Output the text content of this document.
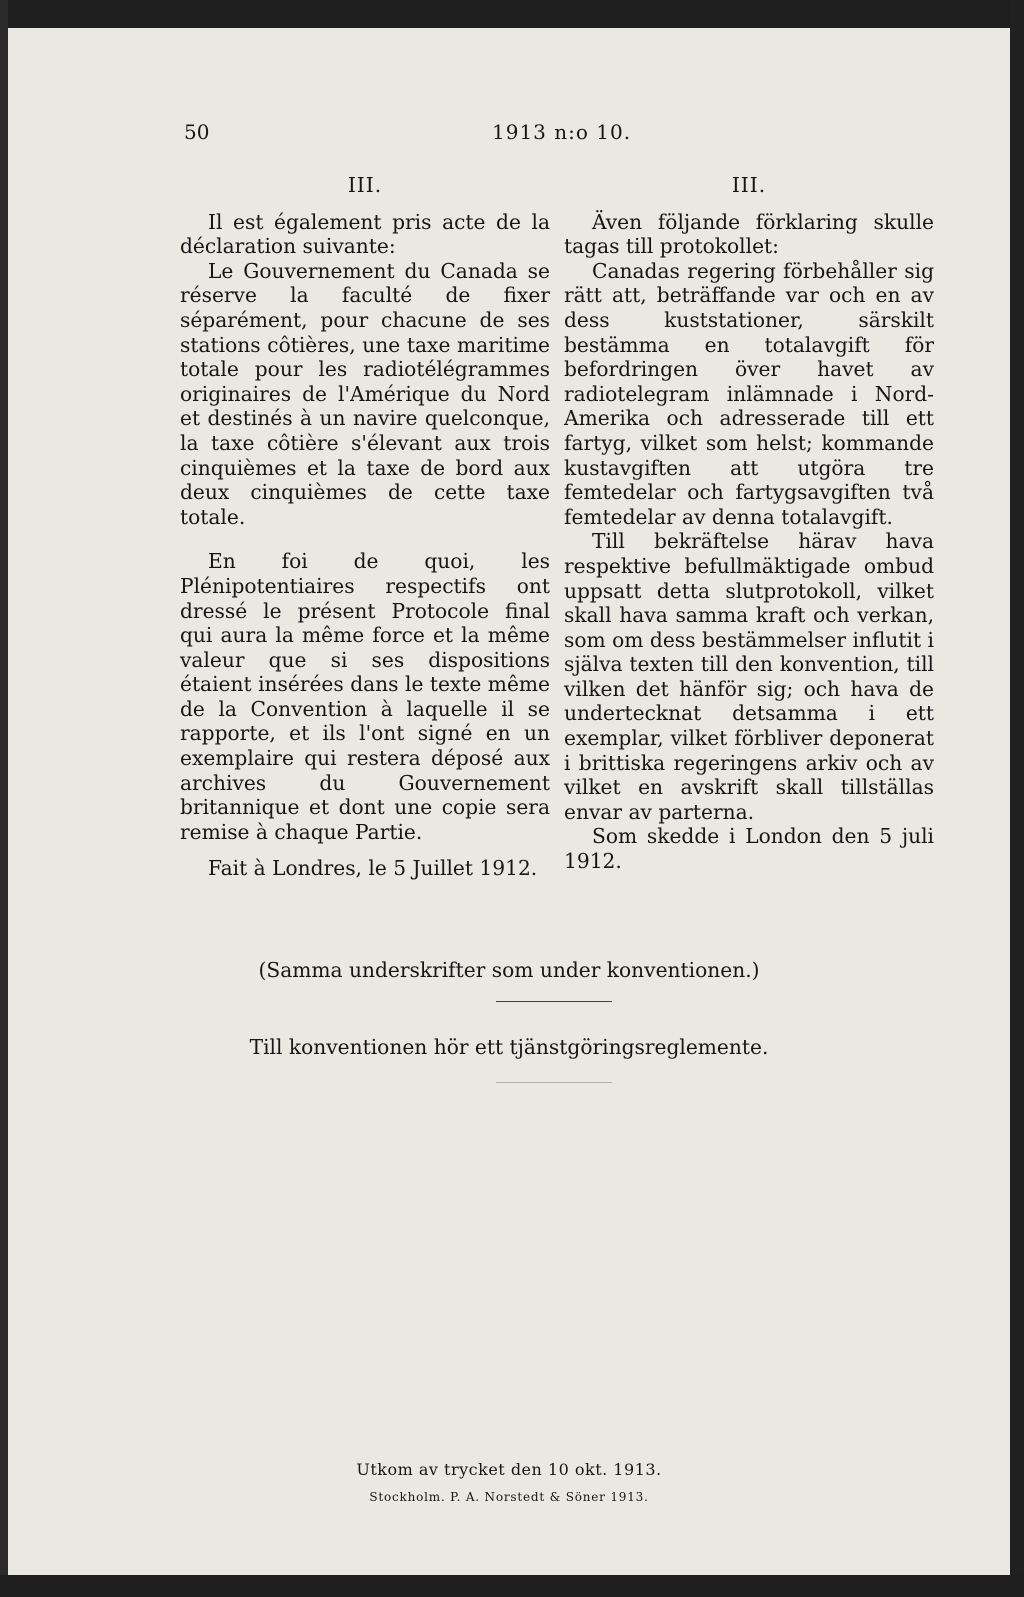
50	1913 n:o 10.
III.

Il est également pris acte de la déclaration suivante:

Le Gouvernement du Canada se réserve la faculté de fixer séparément, pour chacune de ses stations côtières, une taxe maritime totale pour les radiotélégrammes originaires de l'Amérique du Nord et destinés à un navire quelconque, la taxe côtière s'élevant aux trois cinquièmes et la taxe de bord aux deux cinquièmes de cette taxe totale.

En foi de quoi, les Plénipotentiaires respectifs ont dressé le présent Protocole final qui aura la même force et la même valeur que si ses dispositions étaient insérées dans le texte même de la Convention à laquelle il se rapporte, et ils l'ont signé en un exemplaire qui restera déposé aux archives du Gouvernement britannique et dont une copie sera remise à chaque Partie.

Fait à Londres, le 5 Juillet 1912.

III.

Även följande förklaring skulle tagas till protokollet:

Canadas regering förbehåller sig rätt att, beträffande var och en av dess kuststationer, särskilt bestämma en totalavgift för befordringen över havet av radiotelegram inlämnade i Nord-Amerika och adresserade till ett fartyg, vilket som helst; kommande kustavgiften att utgöra tre femtedelar och fartygsavgiften två femtedelar av denna totalavgift.

Till bekräftelse härav hava respektive befullmäktigade ombud uppsatt detta slutprotokoll, vilket skall hava samma kraft och verkan, som om dess bestämmelser influtit i själva texten till den konvention, till vilken det hänför sig; och hava de undertecknat detsamma i ett exemplar, vilket förbliver deponerat i brittiska regeringens arkiv och av vilket en avskrift skall tillställas envar av parterna.

Som skedde i London den 5 juli 1912.

(Samma underskrifter som under konventionen.)
Till konventionen hör ett tjänstgöringsreglemente.
Utkom av trycket den 10 okt. 1913.
Stockholm. P. A. Norstedt & Söner 1913.
